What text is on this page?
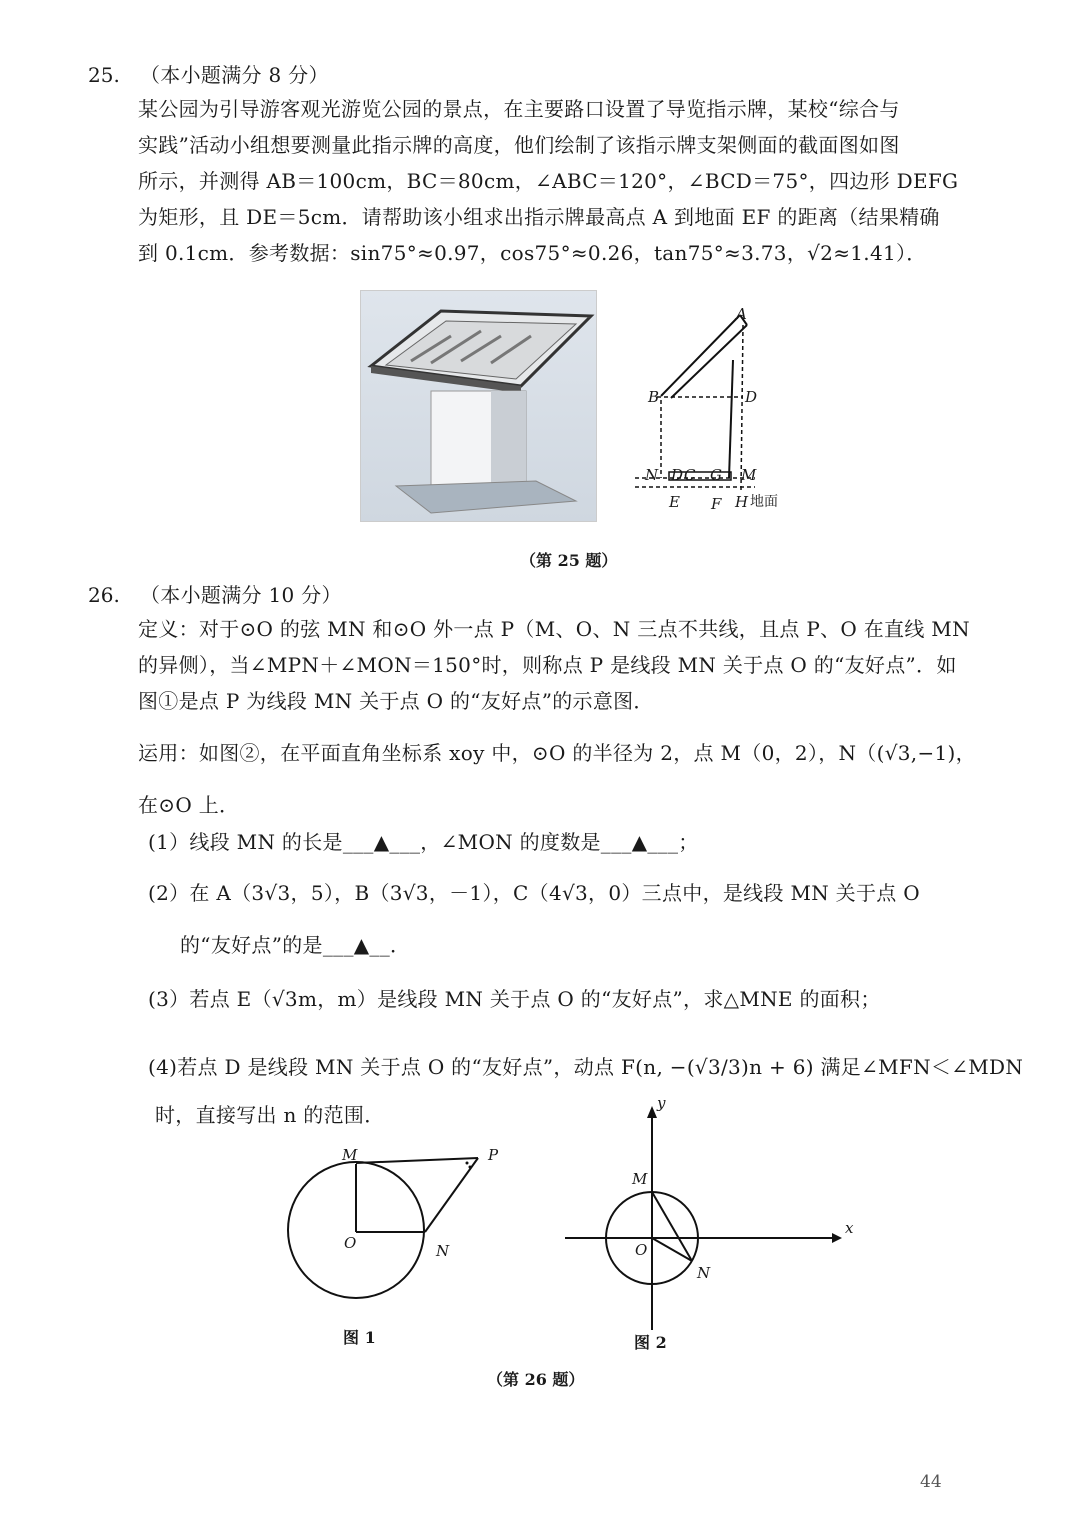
25. （本小题满分 8 分）
某公园为引导游客观光游览公园的景点，在主要路口设置了导览指示牌，某校“综合与
实践”活动小组想要测量此指示牌的高度，他们绘制了该指示牌支架侧面的截面图如图
所示，并测得 AB＝100cm，BC＝80cm，∠ABC＝120°，∠BCD＝75°，四边形 DEFG
为矩形，且 DE＝5cm．请帮助该小组求出指示牌最高点 A 到地面 EF 的距离（结果精确
到 0.1cm．参考数据：sin75°≈0.97，cos75°≈0.26，tan75°≈3.73，√2≈1.41）．
A
B	D
N D C G M
E F H 地面
（第 25 题）
26. （本小题满分 10 分）
定义：对于⊙O 的弦 MN 和⊙O 外一点 P（M、O、N 三点不共线，且点 P、O 在直线 MN
的异侧），当∠MPN＋∠MON＝150°时，则称点 P 是线段 MN 关于点 O 的“友好点”．如
图①是点 P 为线段 MN 关于点 O 的“友好点”的示意图．
运用：如图②，在平面直角坐标系 xoy 中，⊙O 的半径为 2，点 M（0，2），N（(√3,−1)，
在⊙O 上．
(1）线段 MN 的长是___▲___，∠MON 的度数是___▲___；
(2）在 A（3√3，5），B（3√3，－1），C（4√3，0）三点中，是线段 MN 关于点 O
的“友好点”的是___▲__．
(3）若点 E（√3m，m）是线段 MN 关于点 O 的“友好点”，求△MNE 的面积；
(4)若点 D 是线段 MN 关于点 O 的“友好点”，动点 F(n, −(√3/3)n + 6) 满足∠MFN＜∠MDN
时，直接写出 n 的范围．
M	P
O	N
图 1
y
x
M
O
N
图 2
（第 26 题）
44
